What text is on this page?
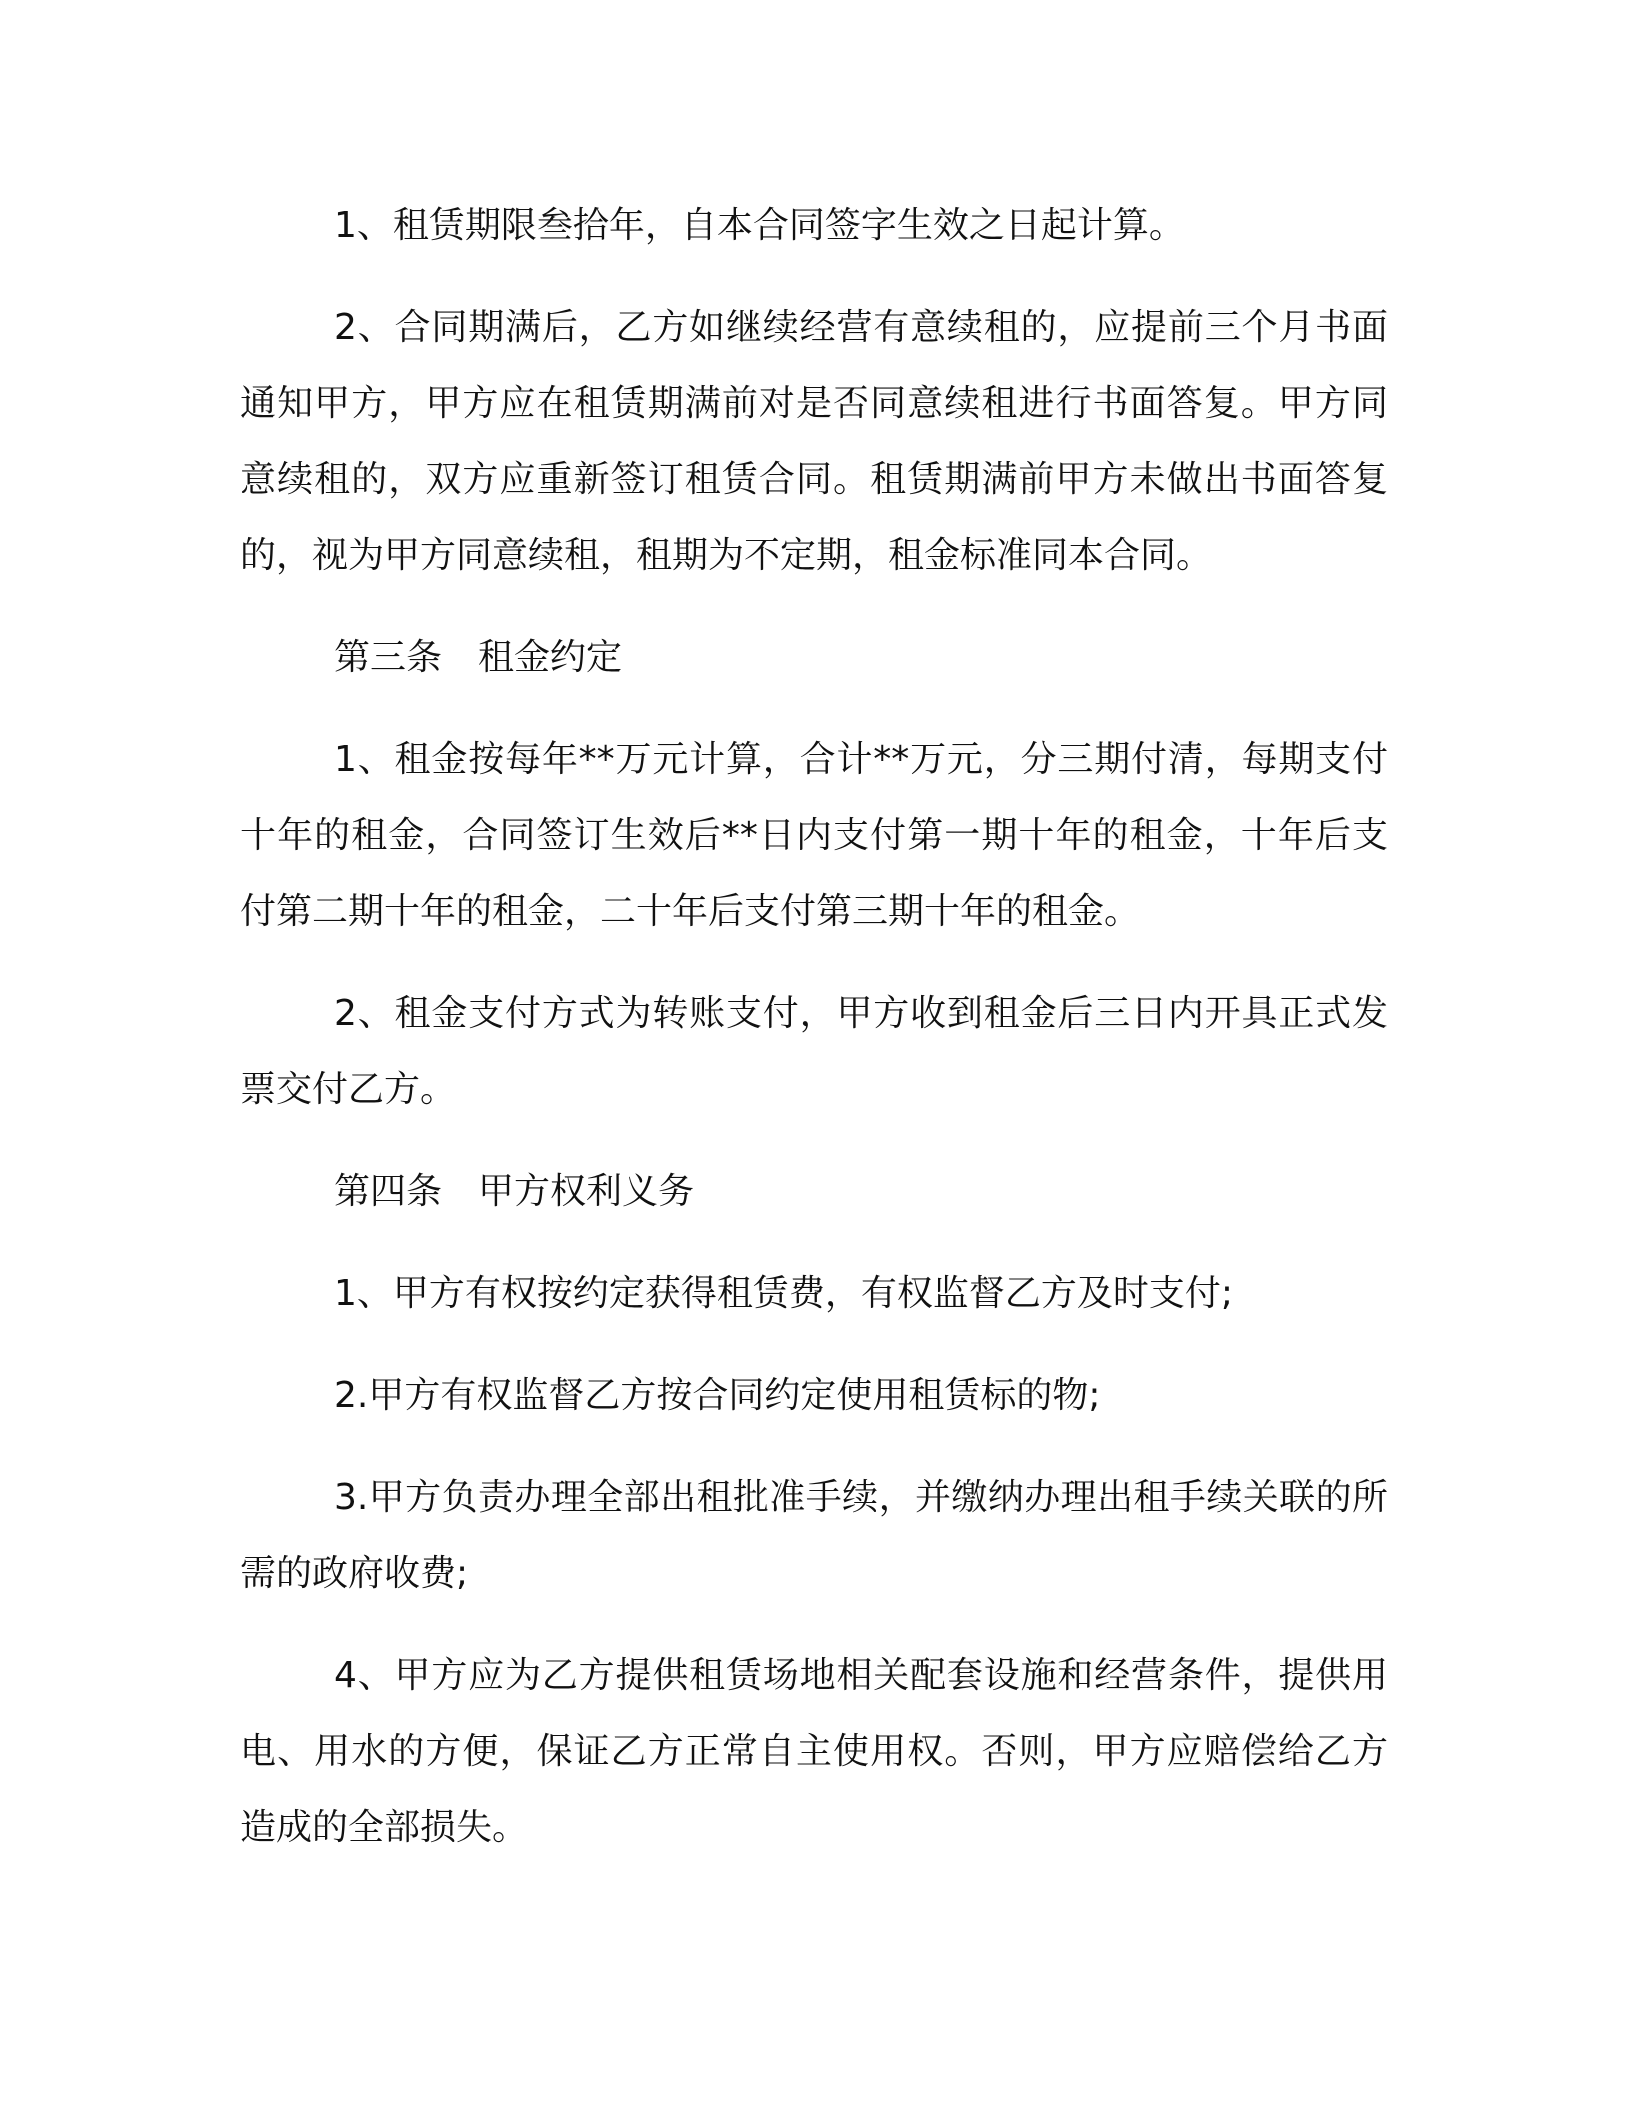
1、租赁期限叁拾年，自本合同签字生效之日起计算。

2、合同期满后，乙方如继续经营有意续租的，应提前三个月书面通知甲方，甲方应在租赁期满前对是否同意续租进行书面答复。甲方同意续租的，双方应重新签订租赁合同。租赁期满前甲方未做出书面答复的，视为甲方同意续租，租期为不定期，租金标准同本合同。

第三条　租金约定

1、租金按每年**万元计算，合计**万元，分三期付清，每期支付十年的租金，合同签订生效后**日内支付第一期十年的租金，十年后支付第二期十年的租金，二十年后支付第三期十年的租金。

2、租金支付方式为转账支付，甲方收到租金后三日内开具正式发票交付乙方。

第四条　甲方权利义务

1、甲方有权按约定获得租赁费，有权监督乙方及时支付;

2.甲方有权监督乙方按合同约定使用租赁标的物;

3.甲方负责办理全部出租批准手续，并缴纳办理出租手续关联的所需的政府收费;

4、甲方应为乙方提供租赁场地相关配套设施和经营条件，提供用电、用水的方便，保证乙方正常自主使用权。否则，甲方应赔偿给乙方造成的全部损失。
